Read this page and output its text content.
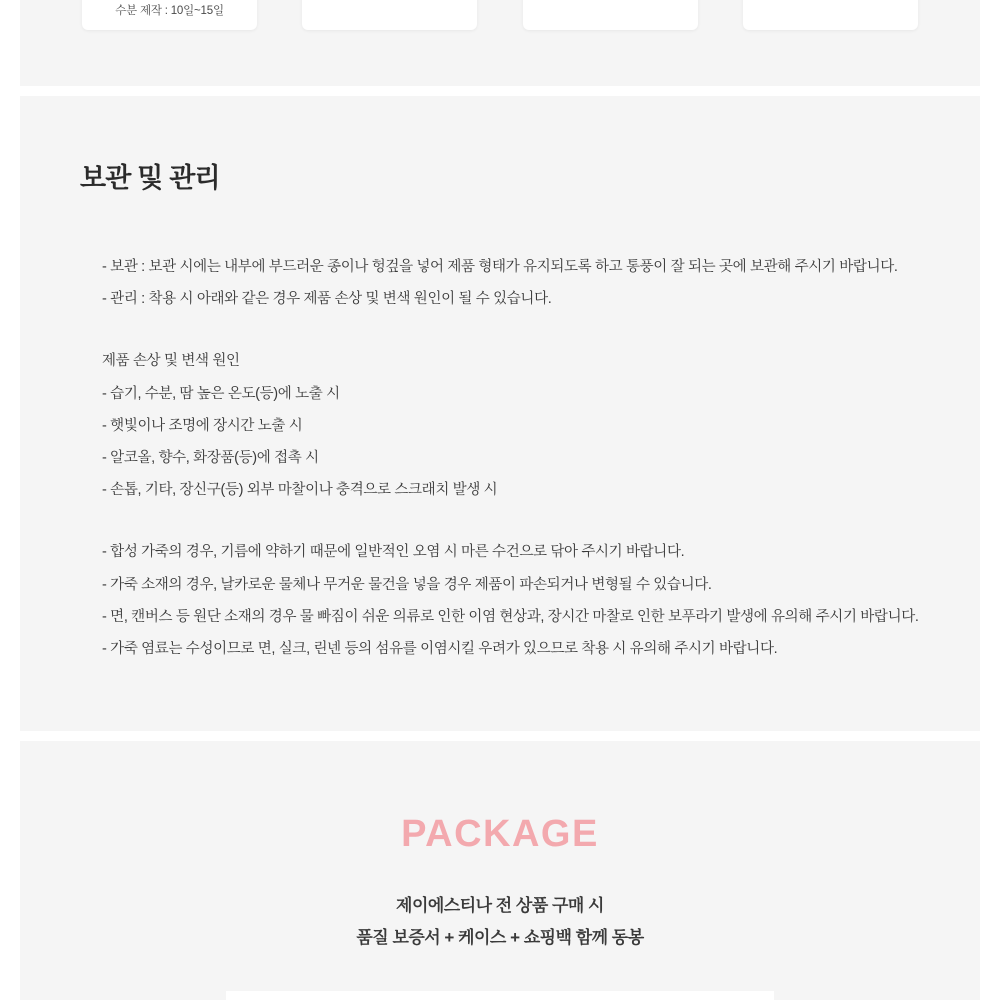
수분 제작 : 10일~15일
보관 및 관리
- 보관 : 보관 시에는 내부에 부드러운 종이나 헝겊을 넣어 제품 형태가 유지되도록 하고 통풍이 잘 되는 곳에 보관해 주시기 바랍니다.
- 관리 : 착용 시 아래와 같은 경우 제품 손상 및 변색 원인이 될 수 있습니다.
제품 손상 및 변색 원인
- 습기, 수분, 땀 높은 온도(등)에 노출 시
- 햇빛이나 조명에 장시간 노출 시
- 알코올, 향수, 화장품(등)에 접촉 시
- 손톱, 기타, 장신구(등) 외부 마찰이나 충격으로 스크래치 발생 시
- 합성 가죽의 경우, 기름에 약하기 때문에 일반적인 오염 시 마른 수건으로 닦아 주시기 바랍니다.
- 가죽 소재의 경우, 날카로운 물체나 무거운 물건을 넣을 경우 제품이 파손되거나 변형될 수 있습니다.
- 면, 캔버스 등 원단 소재의 경우 물 빠짐이 쉬운 의류로 인한 이염 현상과, 장시간 마찰로 인한 보푸라기 발생에 유의해 주시기 바랍니다.
- 가죽 염료는 수성이므로 면, 실크, 린넨 등의 섬유를 이염시킬 우려가 있으므로 착용 시 유의해 주시기 바랍니다.
PACKAGE
제이에스티나 전 상품 구매 시
품질 보증서 + 케이스 + 쇼핑백 함께 동봉
